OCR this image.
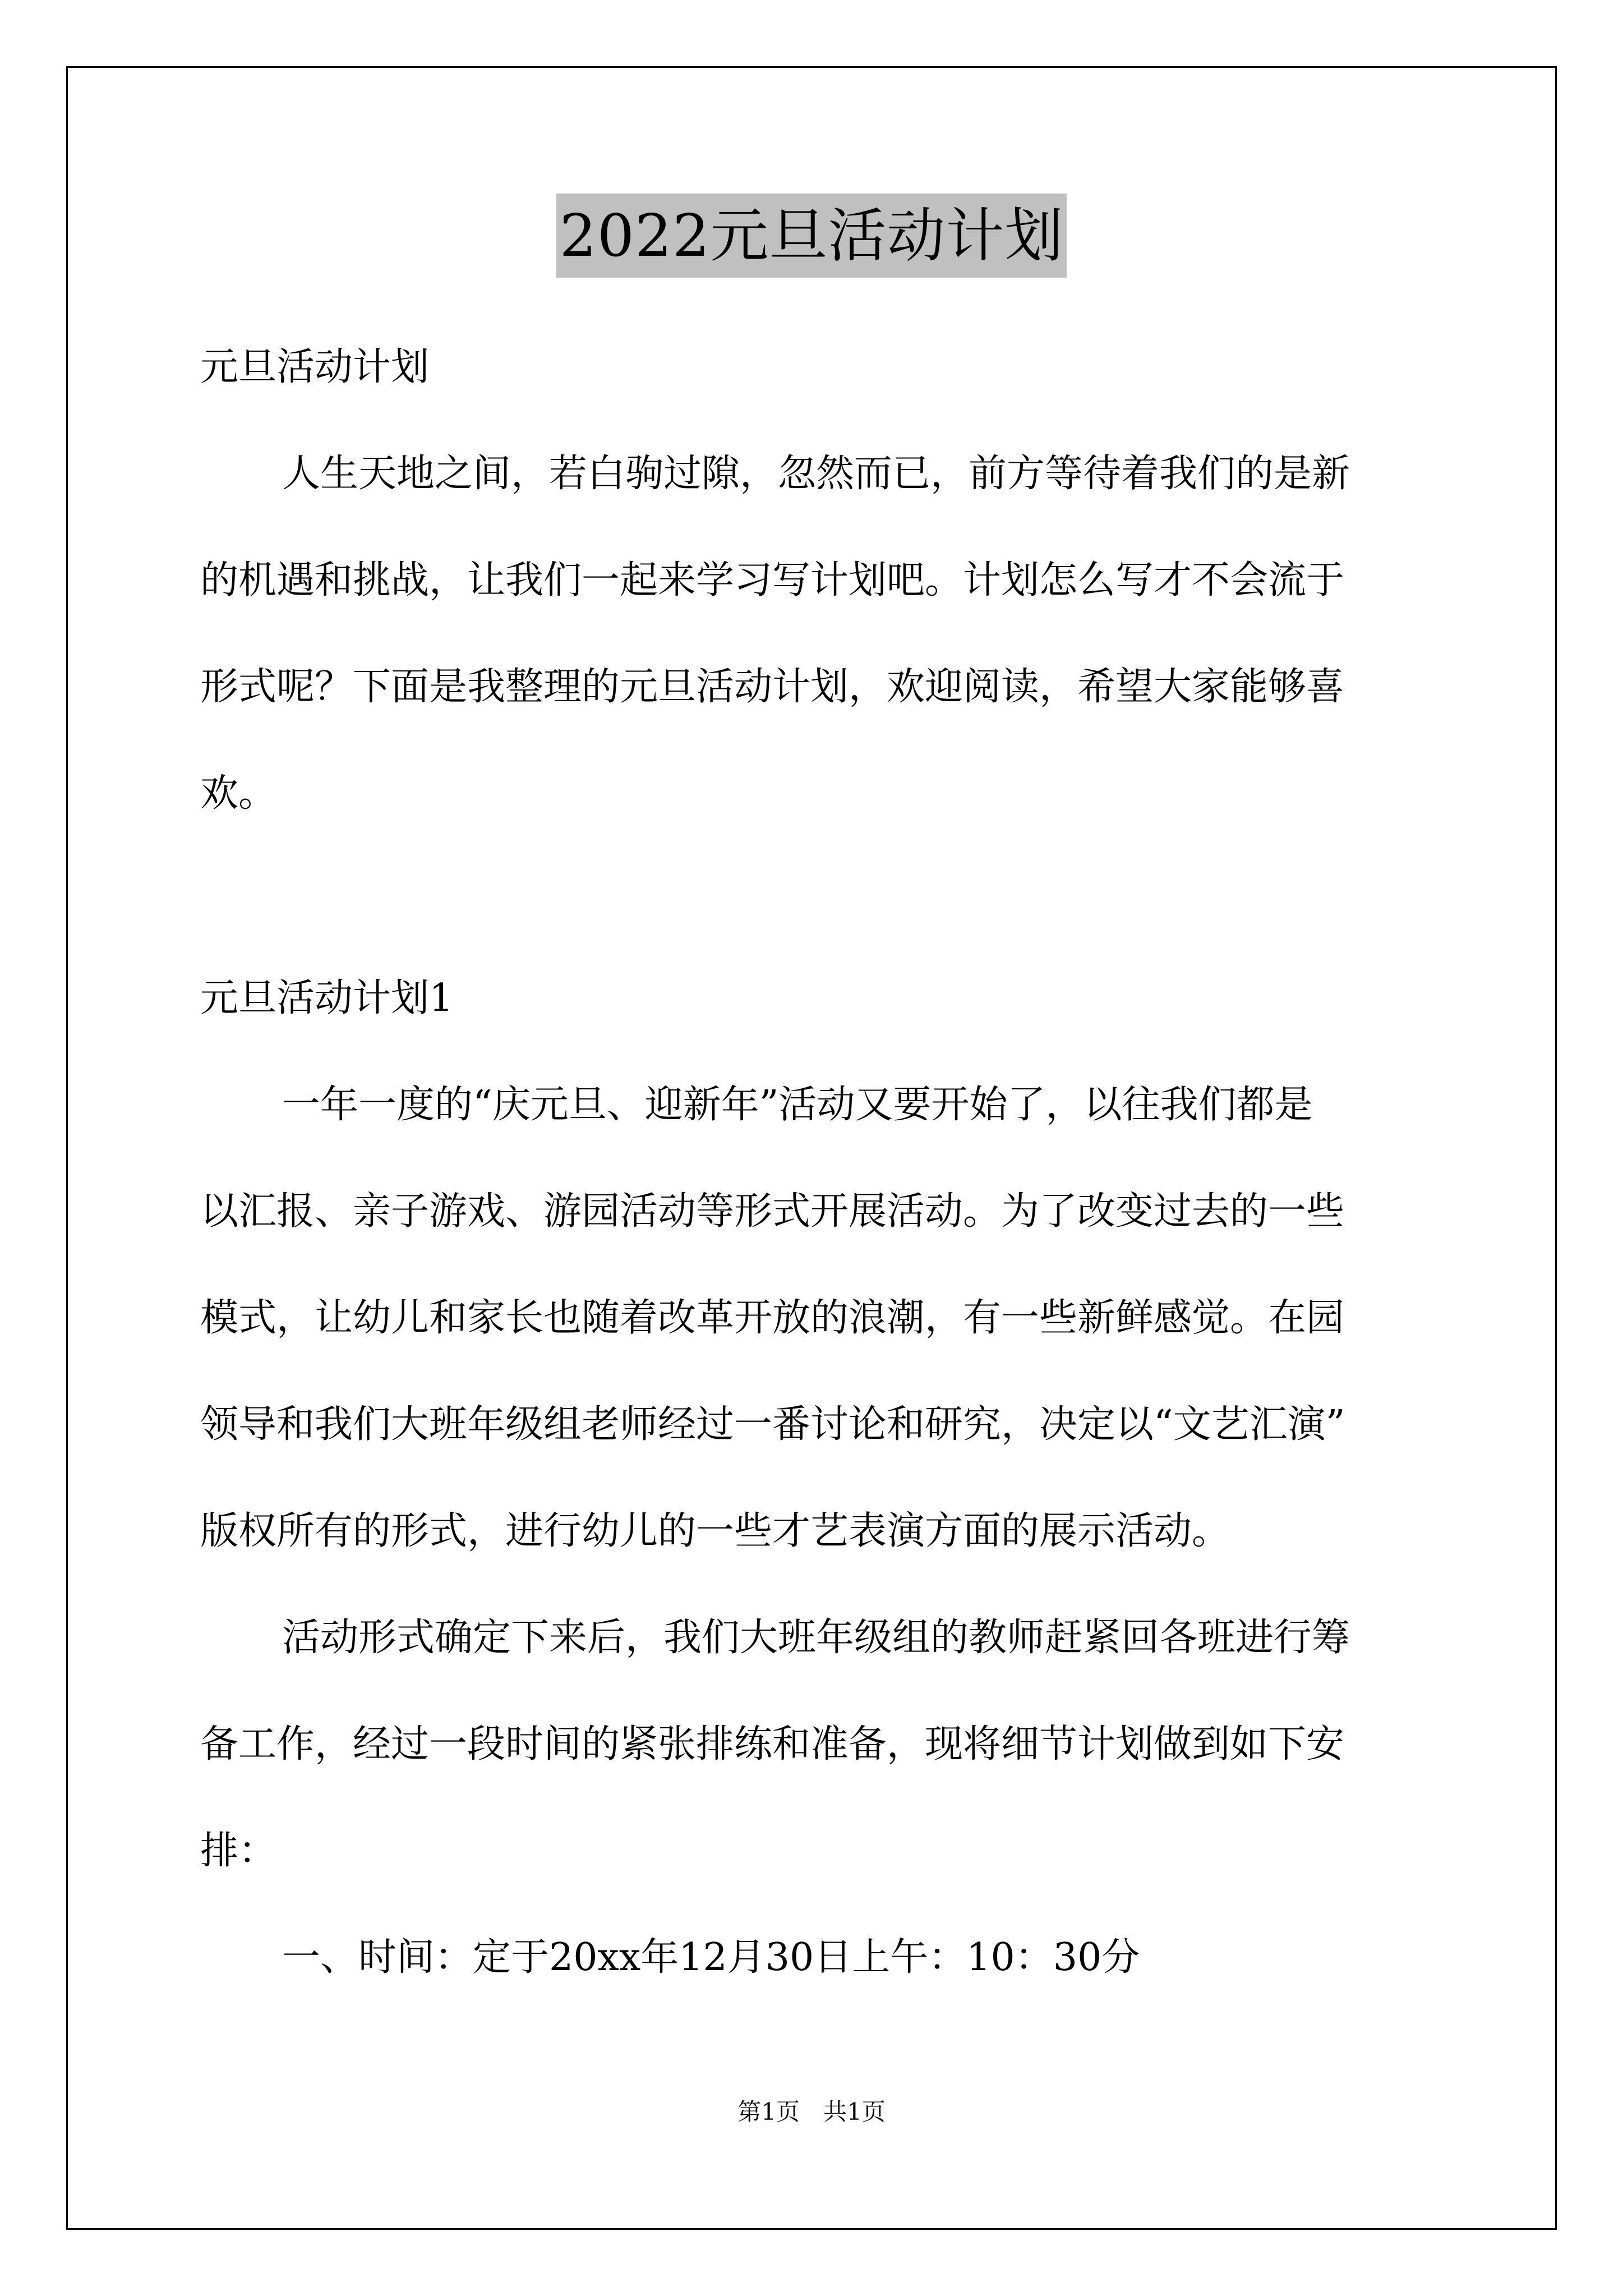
2022元旦活动计划
元旦活动计划
人生天地之间，若白驹过隙，忽然而已，前方等待着我们的是新
的机遇和挑战，让我们一起来学习写计划吧。计划怎么写才不会流于
形式呢？下面是我整理的元旦活动计划，欢迎阅读，希望大家能够喜
欢。
元旦活动计划1
一年一度的“庆元旦、迎新年”活动又要开始了，以往我们都是
以汇报、亲子游戏、游园活动等形式开展活动。为了改变过去的一些
模式，让幼儿和家长也随着改革开放的浪潮，有一些新鲜感觉。在园
领导和我们大班年级组老师经过一番讨论和研究，决定以“文艺汇演”
版权所有的形式，进行幼儿的一些才艺表演方面的展示活动。
活动形式确定下来后，我们大班年级组的教师赶紧回各班进行筹
备工作，经过一段时间的紧张排练和准备，现将细节计划做到如下安
排：
一、时间：定于20xx年12月30日上午：10：30分
第1页　共1页
